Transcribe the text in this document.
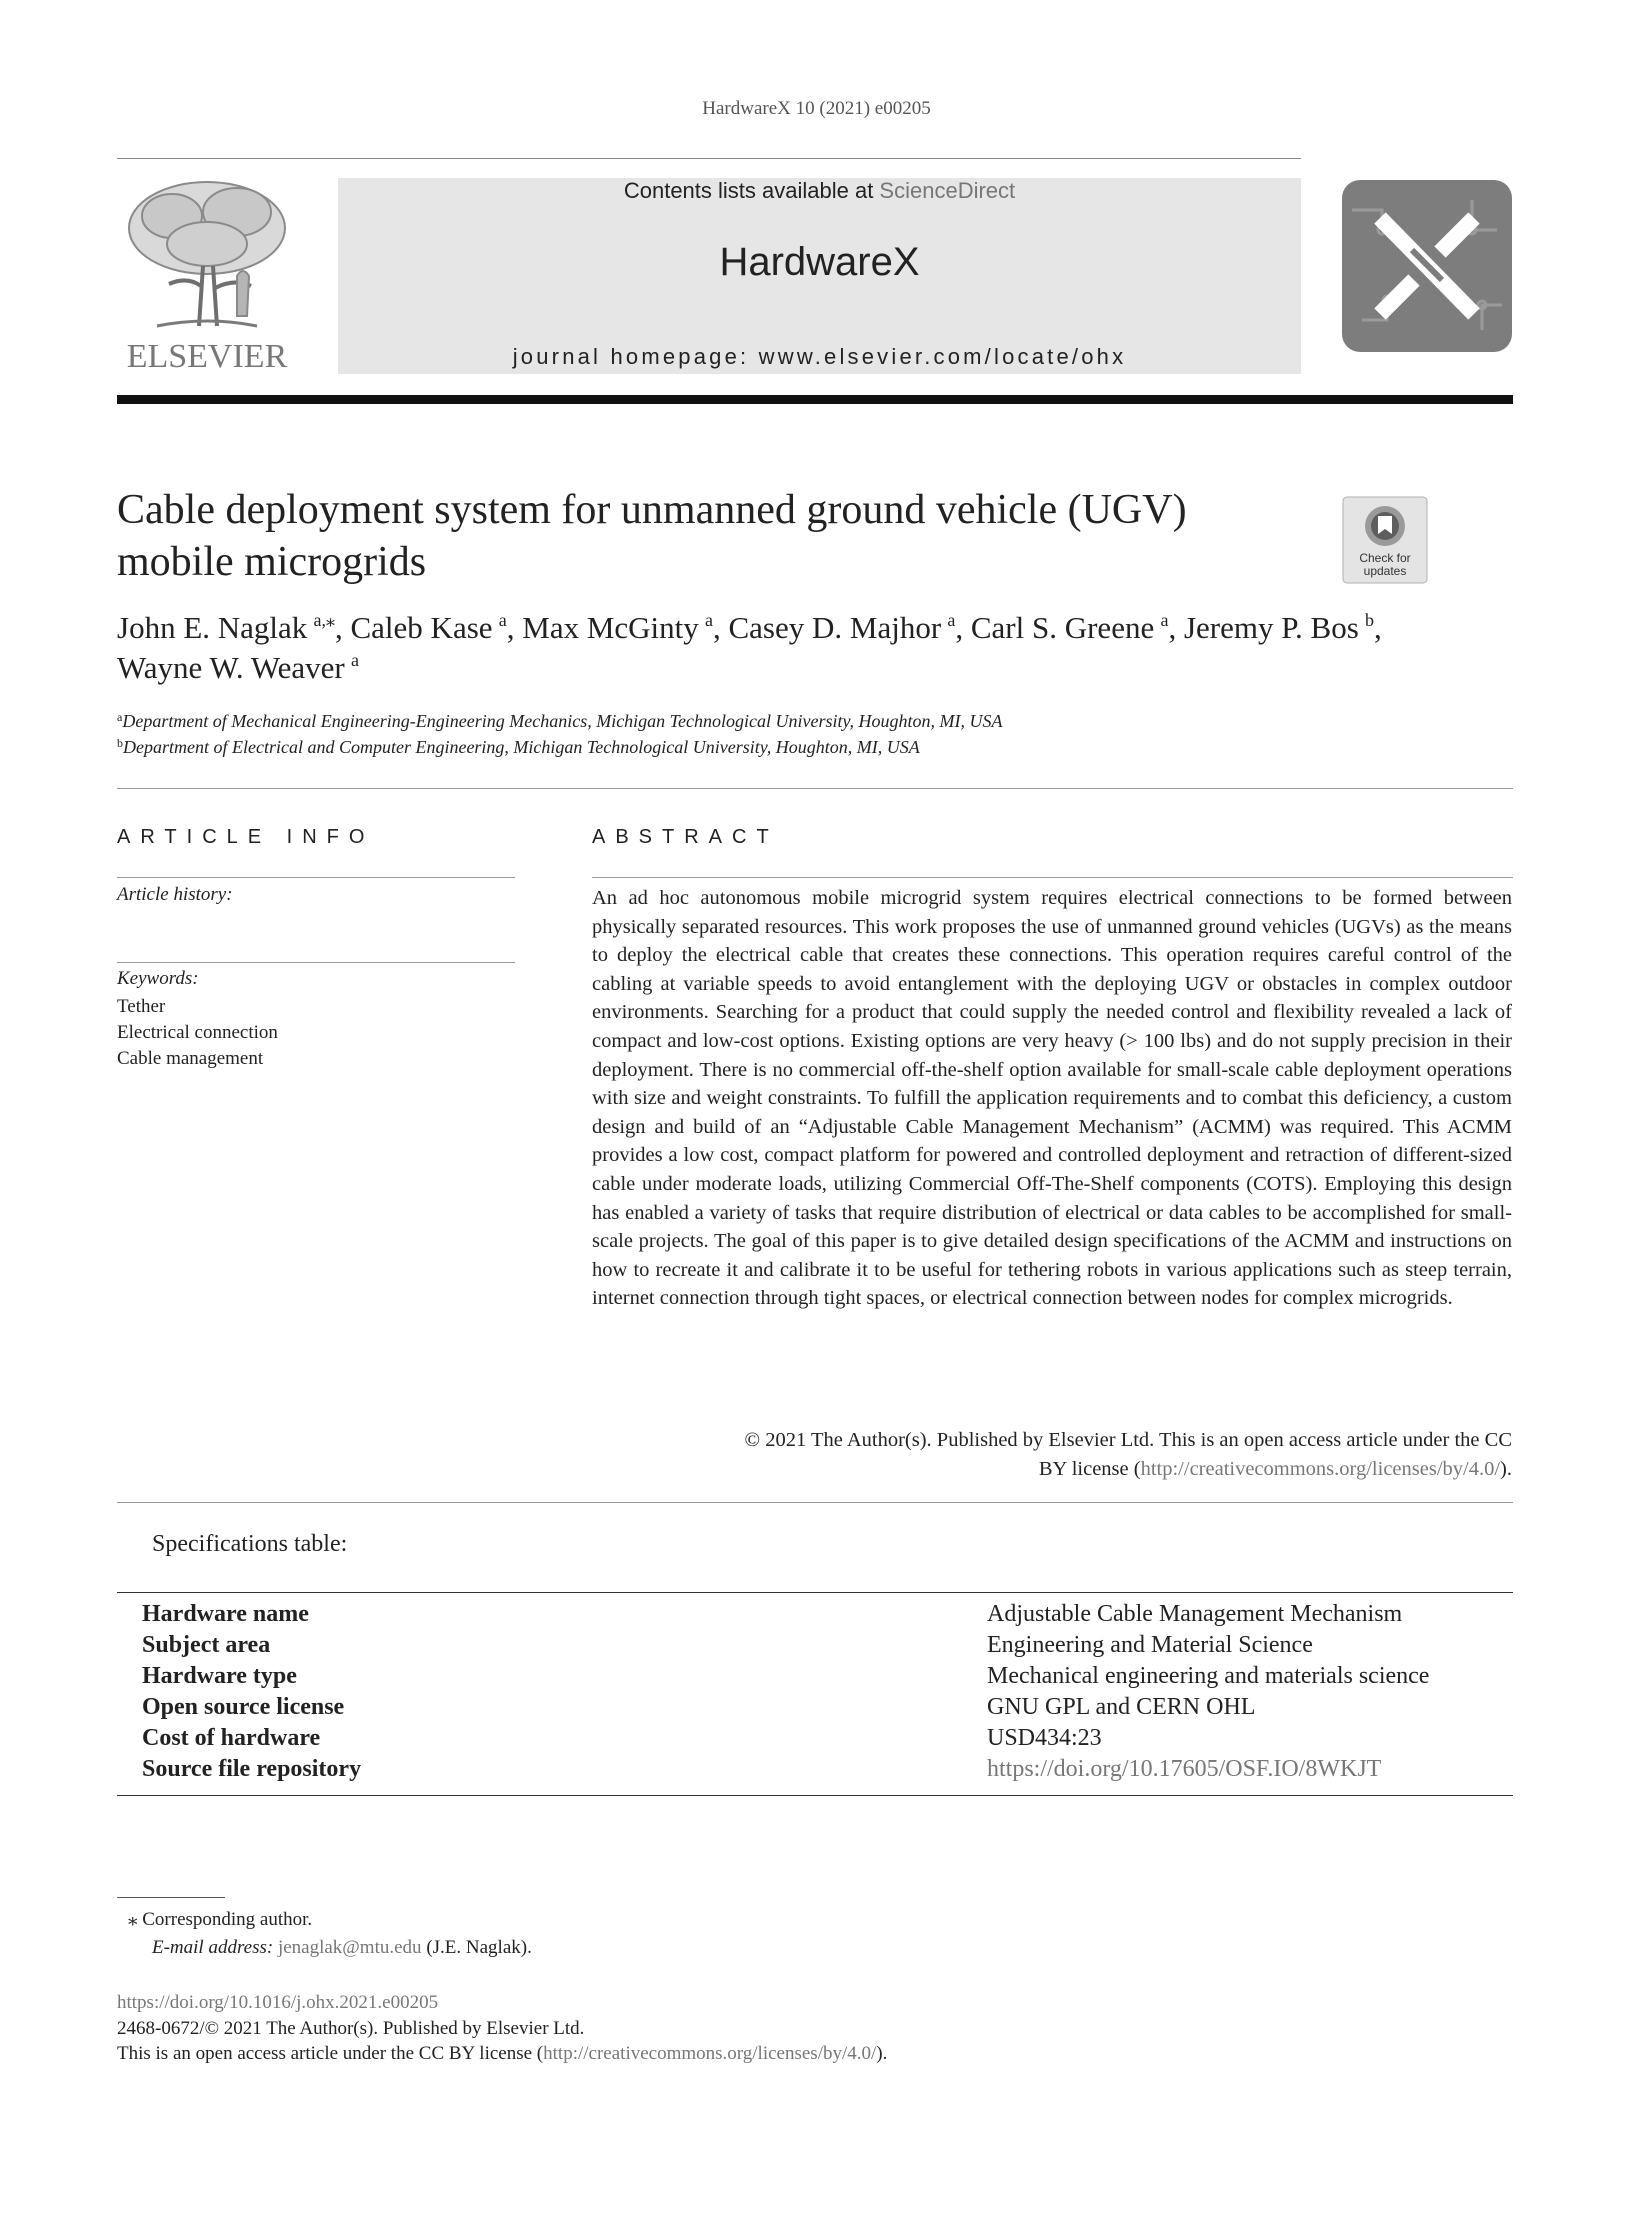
HardwareX 10 (2021) e00205
ELSEVIER
Contents lists available at ScienceDirect
HardwareX
journal homepage: www.elsevier.com/locate/ohx
Cable deployment system for unmanned ground vehicle (UGV)
mobile microgrids	Check for
updates
John E. Naglak  $^{a,⁎}$, Caleb Kase  $^a$, Max McGinty  $^a$, Casey D. Majhor  $^a$, Carl S. Greene  $^a$, Jeremy P. Bos  $^b$,
Wayne W. Weaver  $^a$
$^a$Department of Mechanical Engineering-Engineering Mechanics, Michigan Technological University, Houghton, MI, USA
$^b$Department of Electrical and Computer Engineering, Michigan Technological University, Houghton, MI, USA
ARTICLE INFO
Article history:
Keywords:
Tether
Electrical connection
Cable management
ABSTRACT

An ad hoc autonomous mobile microgrid system requires electrical connections to be formed between physically separated resources. This work proposes the use of unmanned ground vehicles (UGVs) as the means to deploy the electrical cable that creates these connections. This operation requires careful control of the cabling at variable speeds to avoid entanglement with the deploying UGV or obstacles in complex outdoor environments. Searching for a product that could supply the needed control and flexibility revealed a lack of compact and low-cost options. Existing options are very heavy (> 100 lbs) and do not supply precision in their deployment. There is no commercial off-the-shelf option available for small-scale cable deployment operations with size and weight constraints. To fulfill the application requirements and to combat this deficiency, a custom design and build of an “Adjustable Cable Management Mechanism” (ACMM) was required. This ACMM provides a low cost, compact platform for powered and controlled deployment and retraction of different-sized cable under moderate loads, utilizing Commercial Off-The-Shelf components (COTS). Employing this design has enabled a variety of tasks that require distribution of electrical or data cables to be accomplished for small-scale projects. The goal of this paper is to give detailed design specifications of the ACMM and instructions on how to recreate it and calibrate it to be useful for tethering robots in various applications such as steep terrain, internet connection through tight spaces, or electrical connection between nodes for complex microgrids.

© 2021 The Author(s). Published by Elsevier Ltd. This is an open access article under the CC
BY license (http://creativecommons.org/licenses/by/4.0/).
Specifications table:
Hardware name	Adjustable Cable Management Mechanism
Subject area	Engineering and Material Science
Hardware type	Mechanical engineering and materials science
Open source license	GNU GPL and CERN OHL
Cost of hardware	USD434:23
Source file repository	https://doi.org/10.17605/OSF.IO/8WKJT
⁎ Corresponding author.
E-mail address: jenaglak@mtu.edu (J.E. Naglak).
https://doi.org/10.1016/j.ohx.2021.e00205
2468-0672/© 2021 The Author(s). Published by Elsevier Ltd.
This is an open access article under the CC BY license (http://creativecommons.org/licenses/by/4.0/).
